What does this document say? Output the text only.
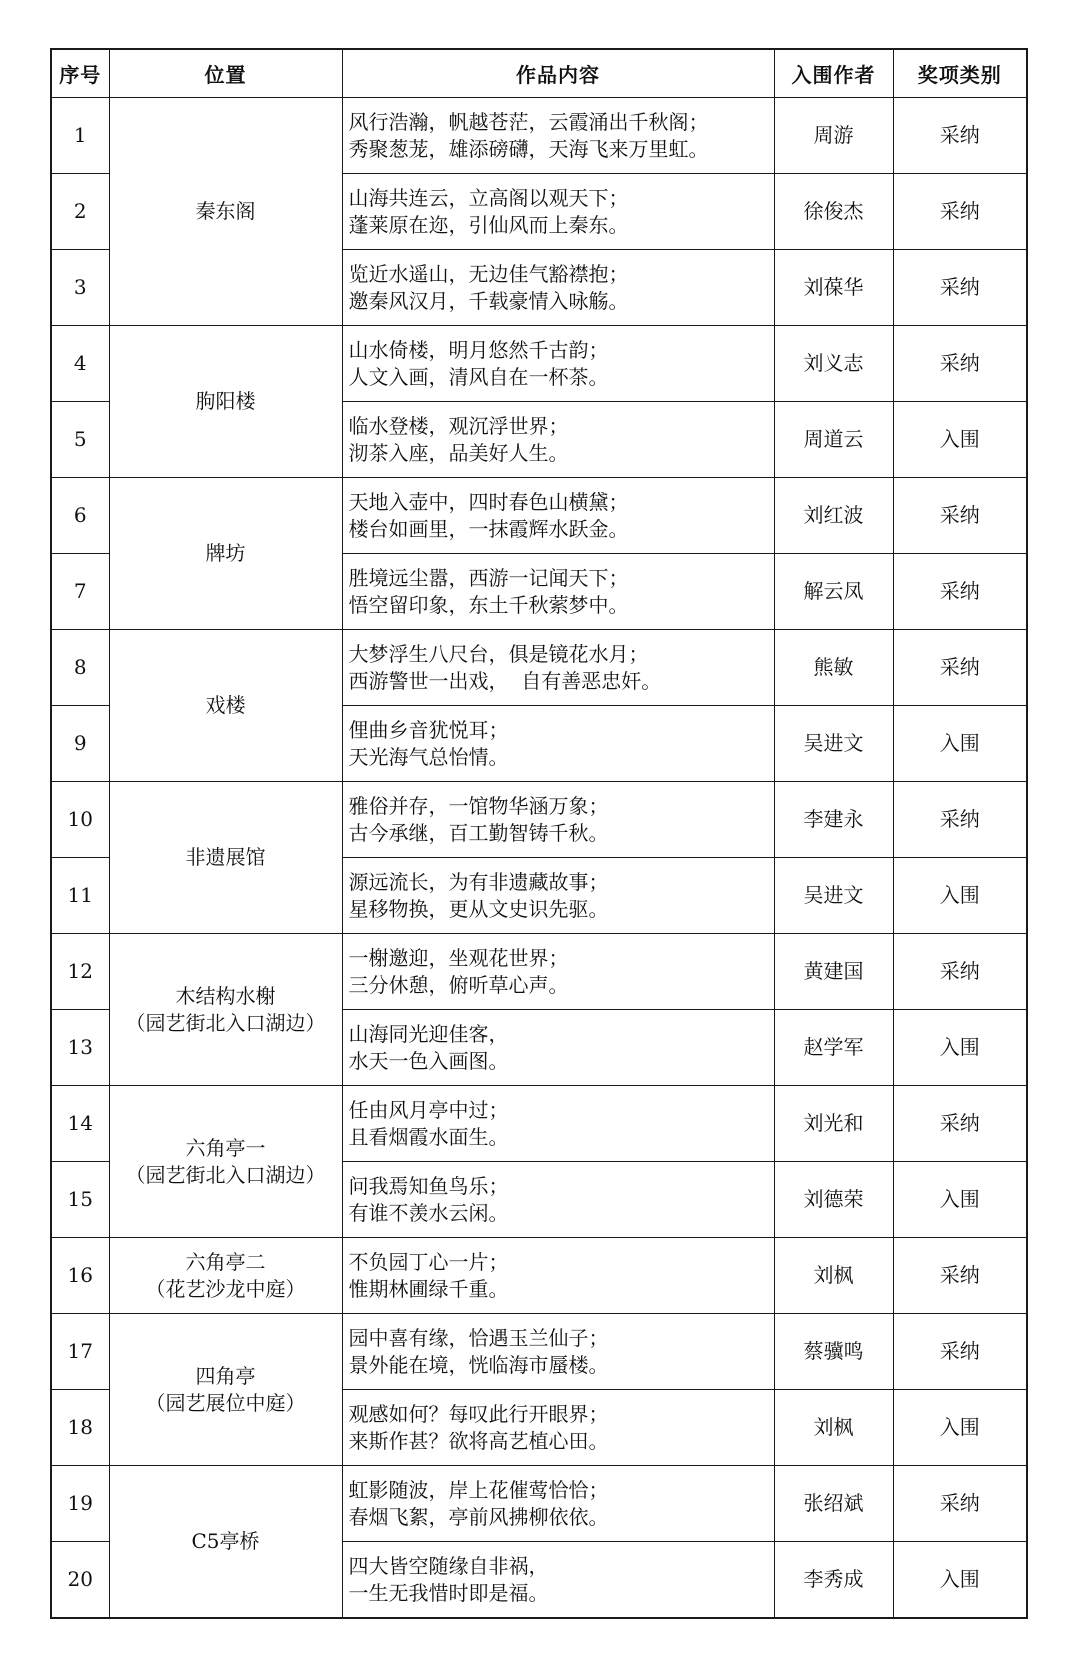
序号	位置	作品内容	入围作者	奖项类别
1	秦东阁	风行浩瀚，帆越苍茫，云霞涌出千秋阁；
秀聚葱茏，雄添磅礴，天海飞来万里虹。	周游	采纳
2		山海共连云，立高阁以观天下；
蓬莱原在迩，引仙风而上秦东。	徐俊杰	采纳
3		览近水遥山，无边佳气豁襟抱；
邀秦风汉月，千载豪情入咏觞。	刘葆华	采纳
4	朐阳楼	山水倚楼，明月悠然千古韵；
人文入画，清风自在一杯茶。	刘义志	采纳
5		临水登楼，观沉浮世界；
沏茶入座，品美好人生。	周道云	入围
6	牌坊	天地入壶中，四时春色山横黛；
楼台如画里，一抹霞辉水跃金。	刘红波	采纳
7		胜境远尘嚣，西游一记闻天下；
悟空留印象，东土千秋萦梦中。	解云凤	采纳
8	戏楼	大梦浮生八尺台，俱是镜花水月；
西游警世一出戏，  自有善恶忠奸。	熊敏	采纳
9		俚曲乡音犹悦耳；
天光海气总怡情。	吴进文	入围
10	非遗展馆	雅俗并存，一馆物华涵万象；
古今承继，百工勤智铸千秋。	李建永	采纳
11		源远流长，为有非遗藏故事；
星移物换，更从文史识先驱。	吴进文	入围
12	木结构水榭
（园艺街北入口湖边）	一榭邀迎，坐观花世界；
三分休憩，俯听草心声。	黄建国	采纳
13		山海同光迎佳客，
水天一色入画图。	赵学军	入围
14	六角亭一
（园艺街北入口湖边）	任由风月亭中过；
且看烟霞水面生。	刘光和	采纳
15		问我焉知鱼鸟乐；
有谁不羡水云闲。	刘德荣	入围
16	六角亭二
（花艺沙龙中庭）	不负园丁心一片；
惟期林圃绿千重。	刘枫	采纳
17	四角亭
（园艺展位中庭）	园中喜有缘，恰遇玉兰仙子；
景外能在境，恍临海市蜃楼。	蔡骥鸣	采纳
18		观感如何？每叹此行开眼界；
来斯作甚？欲将高艺植心田。	刘枫	入围
19	C5亭桥	虹影随波，岸上花催莺恰恰；
春烟飞絮，亭前风拂柳依依。	张绍斌	采纳
20		四大皆空随缘自非祸，
一生无我惜时即是福。	李秀成	入围
